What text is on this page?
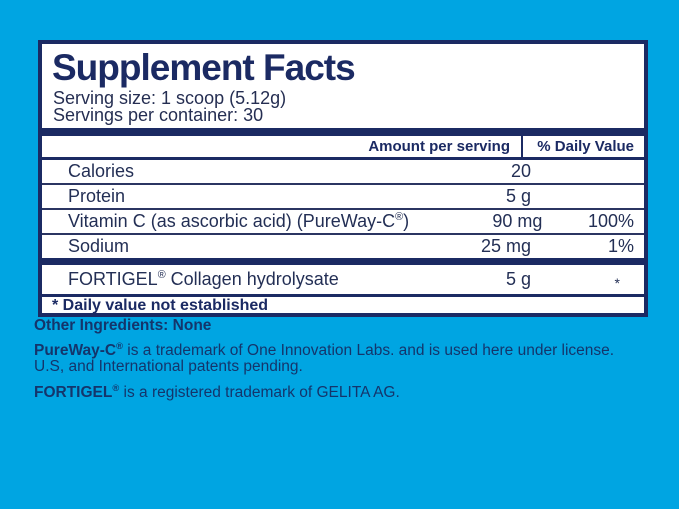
Supplement Facts
Serving size: 1 scoop (5.12g)
Servings per container: 30
Amount per serving	% Daily Value
Calories	20
Protein	5 g
Vitamin C (as ascorbic acid) (PureWay-C®)	90 mg	100%
Sodium	25 mg	1%
FORTIGEL® Collagen hydrolysate	5 g	*
* Daily value not established
Other Ingredients: None
PureWay-C® is a trademark of One Innovation Labs. and is used here under license.
U.S, and International patents pending.
FORTIGEL® is a registered trademark of GELITA AG.
